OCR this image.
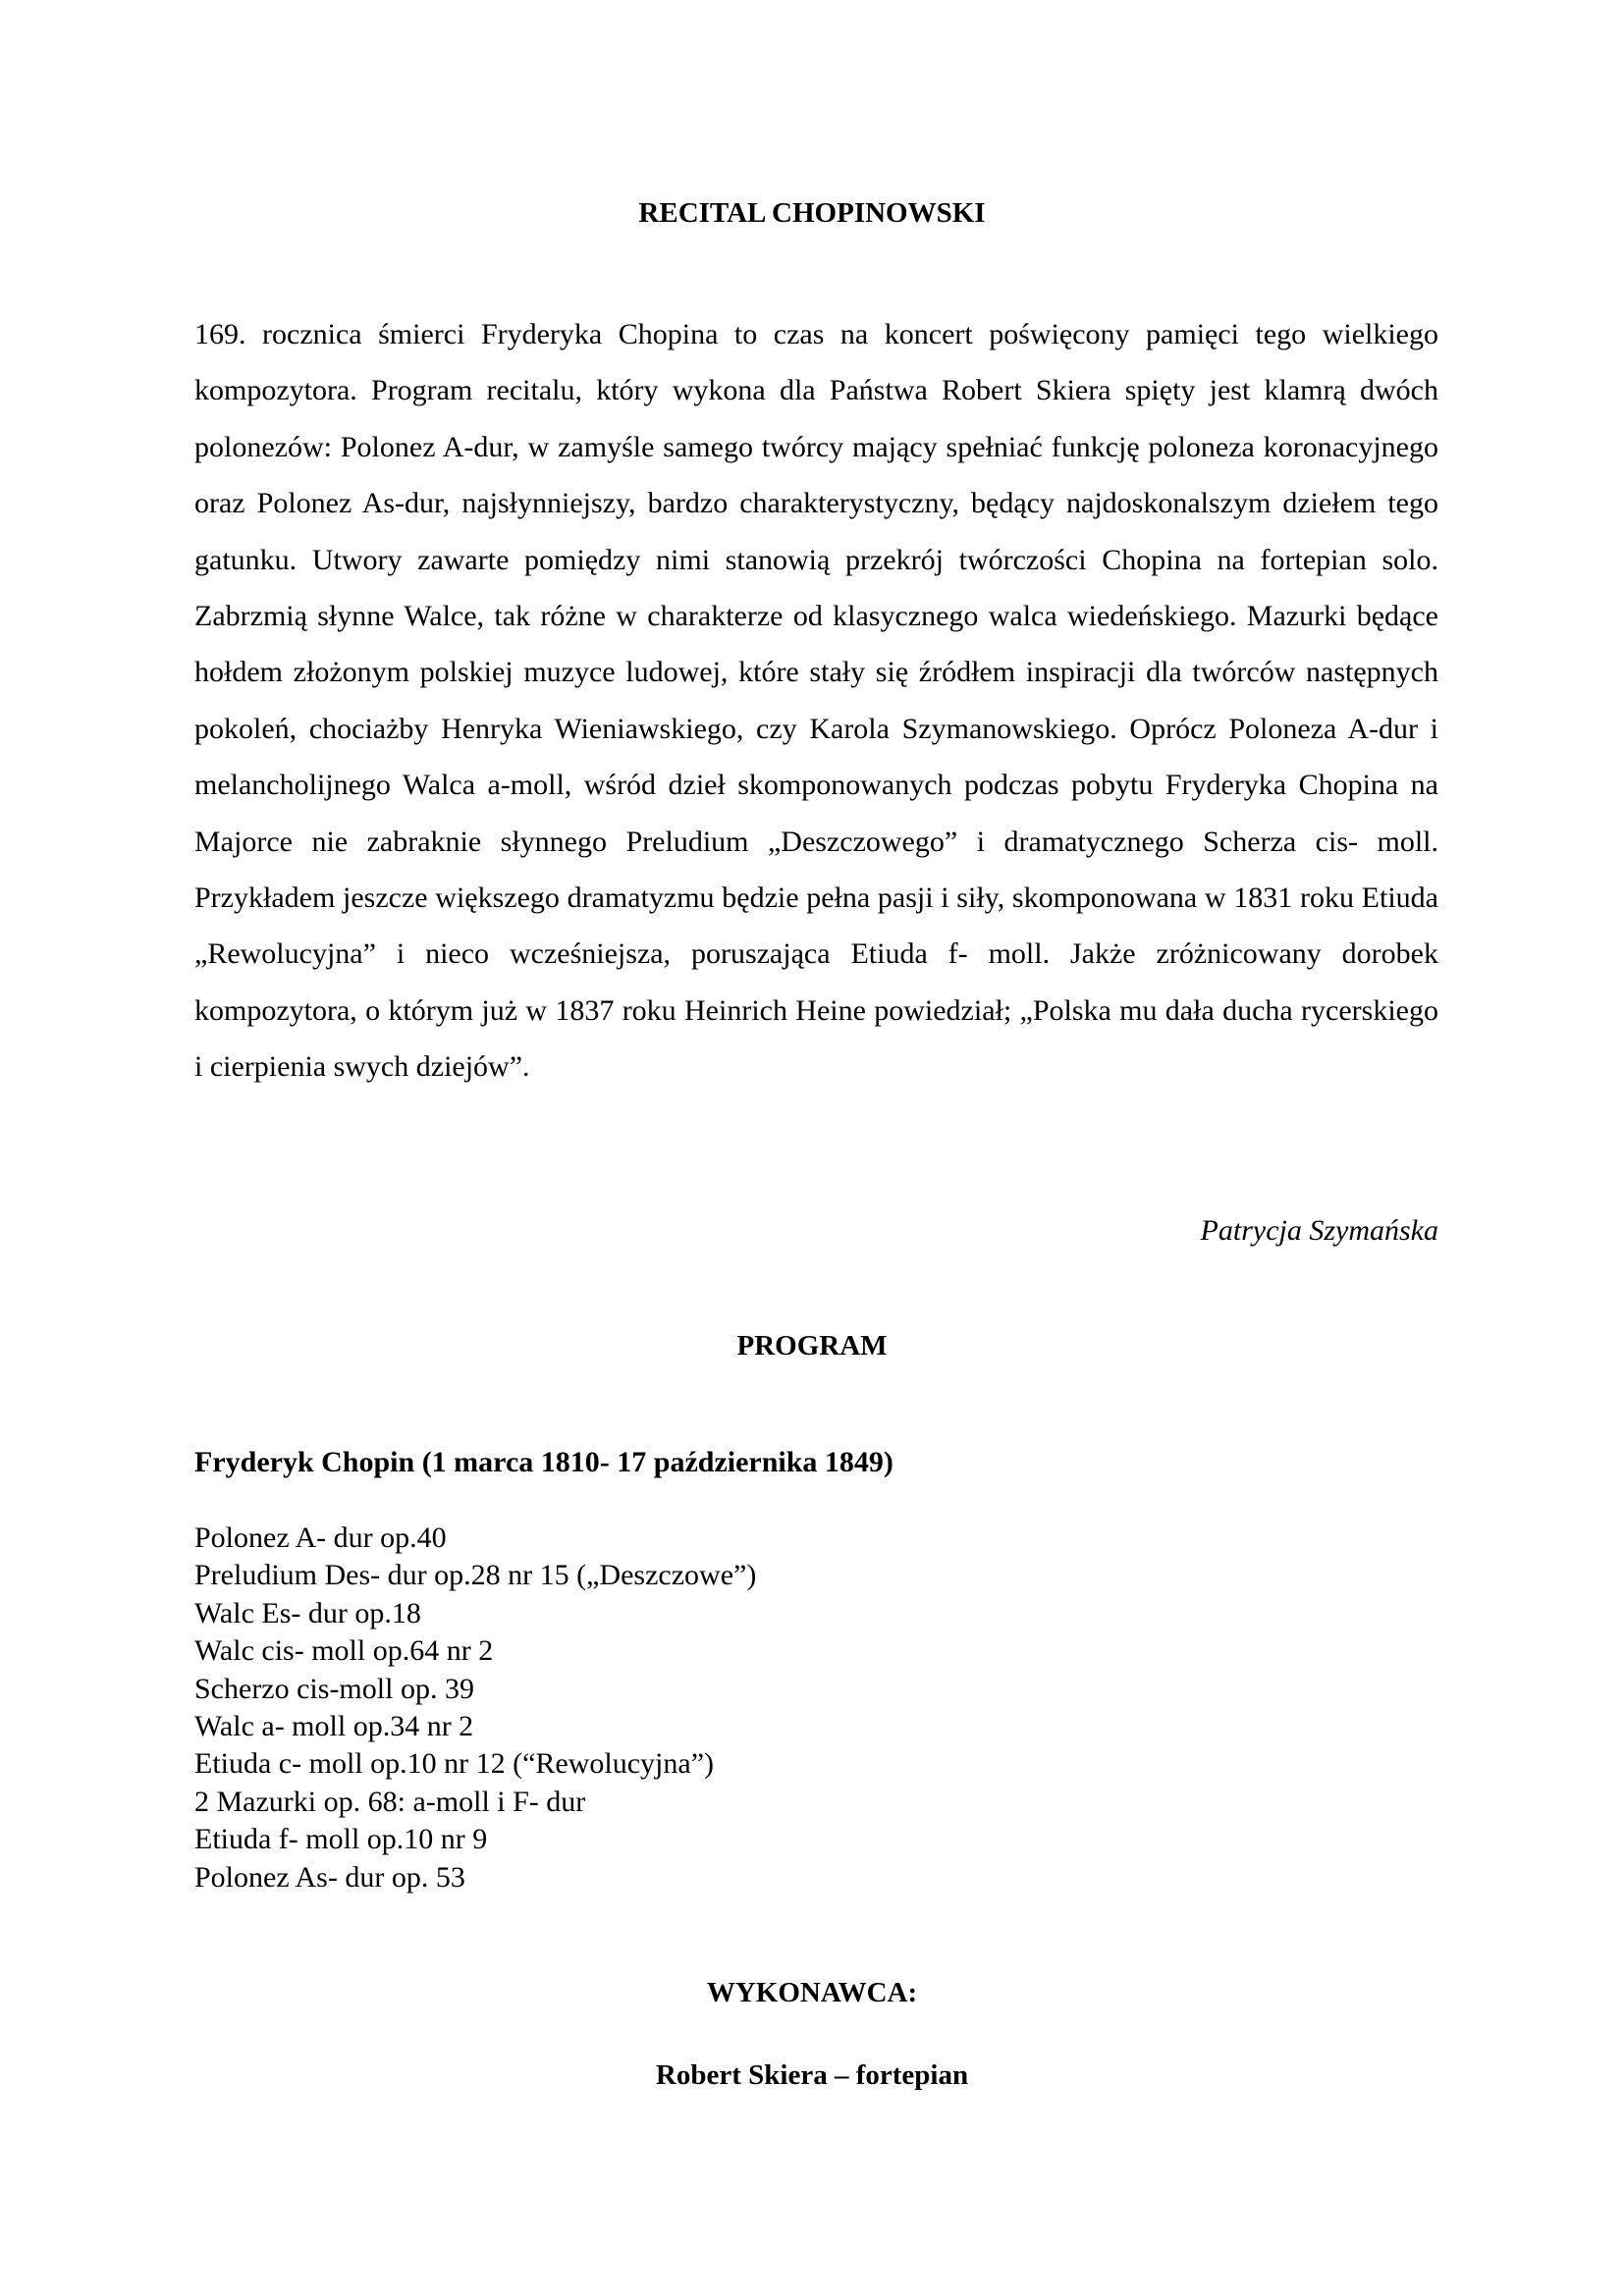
RECITAL CHOPINOWSKI

169. rocznica śmierci Fryderyka Chopina to czas na koncert poświęcony pamięci tego wielkiego kompozytora. Program recitalu, który wykona dla Państwa Robert Skiera spięty jest klamrą dwóch polonezów: Polonez A-dur, w zamyśle samego twórcy mający spełniać funkcję poloneza koronacyjnego oraz Polonez As-dur, najsłynniejszy, bardzo charakterystyczny, będący najdoskonalszym dziełem tego gatunku. Utwory zawarte pomiędzy nimi stanowią przekrój twórczości Chopina na fortepian solo. Zabrzmią słynne Walce, tak różne w charakterze od klasycznego walca wiedeńskiego. Mazurki będące hołdem złożonym polskiej muzyce ludowej, które stały się źródłem inspiracji dla twórców następnych pokoleń, chociażby Henryka Wieniawskiego, czy Karola Szymanowskiego. Oprócz Poloneza A-dur i melancholijnego Walca a-moll, wśród dzieł skomponowanych podczas pobytu Fryderyka Chopina na Majorce nie zabraknie słynnego Preludium „Deszczowego” i dramatycznego Scherza cis- moll. Przykładem jeszcze większego dramatyzmu będzie pełna pasji i siły, skomponowana w 1831 roku Etiuda „Rewolucyjna” i nieco wcześniejsza, poruszająca Etiuda f- moll. Jakże zróżnicowany dorobek kompozytora, o którym już w 1837 roku Heinrich Heine powiedział; „Polska mu dała ducha rycerskiego i cierpienia swych dziejów”.

Patrycja Szymańska

PROGRAM

Fryderyk Chopin (1 marca 1810- 17 października 1849)

Polonez A- dur op.40
Preludium Des- dur op.28 nr 15 („Deszczowe”)
Walc Es- dur op.18
Walc cis- moll op.64 nr 2
Scherzo cis-moll op. 39
Walc a- moll op.34 nr 2
Etiuda c- moll op.10 nr 12 (“Rewolucyjna”)
2 Mazurki op. 68: a-moll i F- dur
Etiuda f- moll op.10 nr 9
Polonez As- dur op. 53
WYKONAWCA:

Robert Skiera – fortepian
